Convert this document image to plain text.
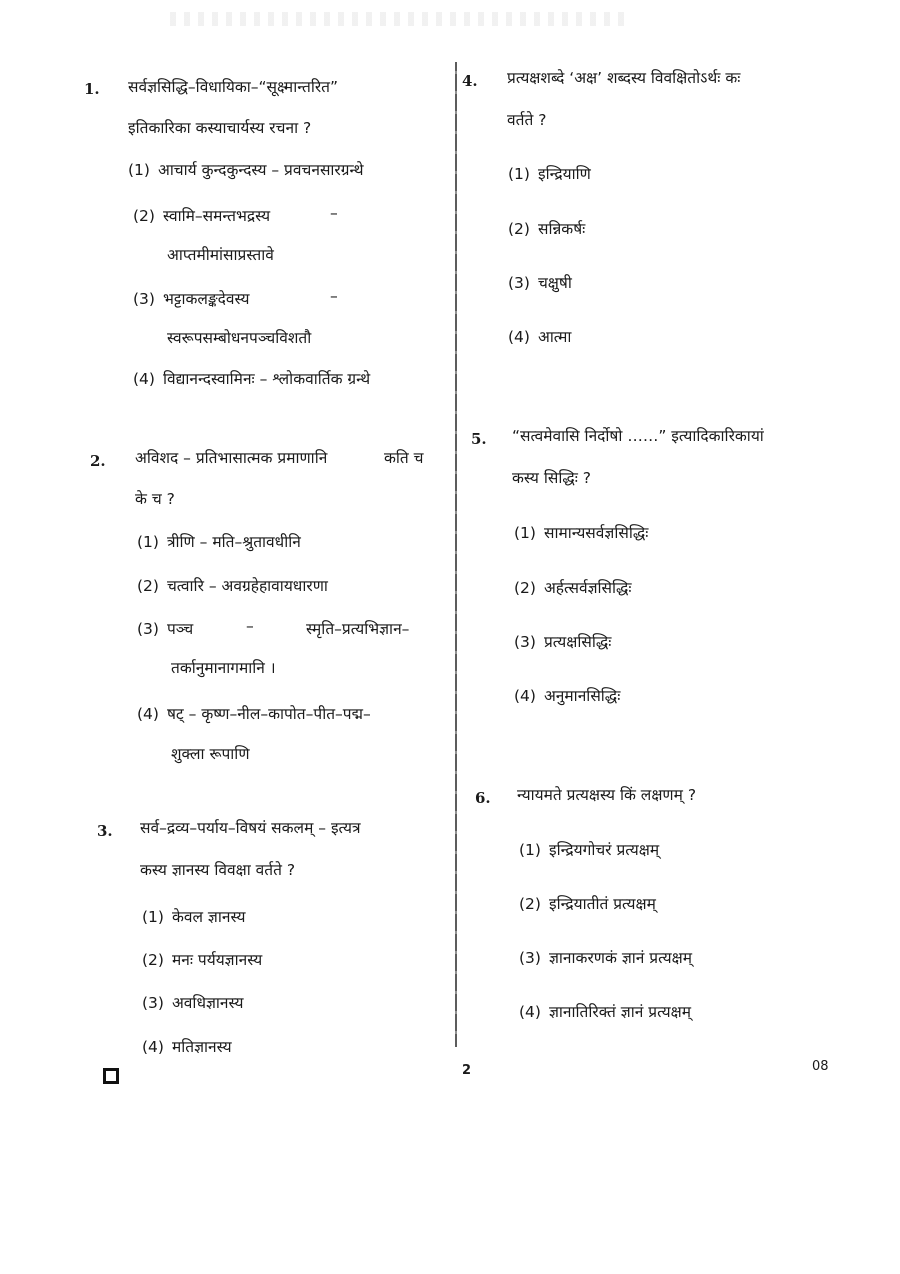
1. सर्वज्ञसिद्धि–विधायिका–“सूक्ष्मान्तरित”
इतिकारिका कस्याचार्यस्य रचना ?
(1) आचार्य कुन्दकुन्दस्य – प्रवचनसारग्रन्थे
(2) स्वामि–समन्तभद्रस्य	–
आप्तमीमांसाप्रस्तावे
(3) भट्टाकलङ्कदेवस्य	–
स्वरूपसम्बोधनपञ्चविशतौ
(4) विद्यानन्दस्वामिनः – श्लोकवार्तिक ग्रन्थे
2. अविशद – प्रतिभासात्मक प्रमाणानि	कति च
के च ?
(1) त्रीणि – मति–श्रुतावधीनि
(2) चत्वारि – अवग्रहेहावायधारणा
(3) पञ्च	–	स्मृति–प्रत्यभिज्ञान–
तर्कानुमानागमानि ।
(4) षट् – कृष्ण–नील–कापोत–पीत–पद्म–
शुक्ला रूपाणि
3. सर्व–द्रव्य–पर्याय–विषयं सकलम् – इत्यत्र
कस्य ज्ञानस्य विवक्षा वर्तते ?
(1) केवल ज्ञानस्य
(2) मनः पर्ययज्ञानस्य
(3) अवधिज्ञानस्य
(4) मतिज्ञानस्य
4. प्रत्यक्षशब्दे ‘अक्ष’ शब्दस्य विवक्षितोऽर्थः कः
वर्तते ?
(1) इन्द्रियाणि
(2) सन्निकर्षः
(3) चक्षुषी
(4) आत्मा
5. “सत्वमेवासि निर्दोषो ……” इत्यादिकारिकायां
कस्य सिद्धिः ?
(1) सामान्यसर्वज्ञसिद्धिः
(2) अर्हत्सर्वज्ञसिद्धिः
(3) प्रत्यक्षसिद्धिः
(4) अनुमानसिद्धिः
6. न्यायमते प्रत्यक्षस्य किं लक्षणम् ?
(1) इन्द्रियगोचरं प्रत्यक्षम्
(2) इन्द्रियातीतं प्रत्यक्षम्
(3) ज्ञानाकरणकं ज्ञानं प्रत्यक्षम्
(4) ज्ञानातिरिक्तं ज्ञानं प्रत्यक्षम्
2	08
